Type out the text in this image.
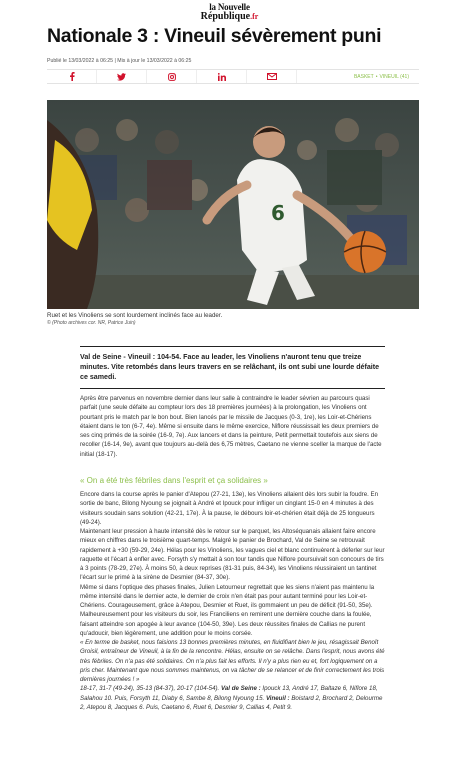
la Nouvelle
République.fr
Nationale 3 : Vineuil sévèrement puni
Publié le 13/03/2022 à 06:25 | Mis à jour le 13/03/2022 à 06:25
BASKET • VINEUIL (41)
6
Ruet et les Vinoliens se sont lourdement inclinés face au leader.
© (Photo archives cor. NR, Patrice Juin)
Val de Seine - Vineuil : 104-54. Face au leader, les Vinoliens n'auront tenu que treize minutes. Vite retombés dans leurs travers en se relâchant, ils ont subi une lourde défaite ce samedi.
Après être parvenus en novembre dernier dans leur salle à contraindre le leader sévrien au parcours quasi parfait (une seule défaite au compteur lors des 18 premières journées) à la prolongation, les Vinoliens ont pourtant pris le match par le bon bout. Bien lancés par le missile de Jacques (0-3, 1re), les Loir-et-Chériens étaient dans le ton (6-7, 4e). Même si ensuite dans le même exercice, Niflore réussissait les deux premiers de ses cinq primés de la soirée (16-9, 7e). Aux lancers et dans la peinture, Petit permettait toutefois aux siens de recoller (16-14, 9e), avant que toujours au-delà des 6,75 mètres, Caetano ne vienne sceller la marque de l'acte initial (18-17).
« On a été très fébriles dans l'esprit et ça solidaires »

Encore dans la course après le panier d'Atepou (27-21, 13e), les Vinoliens allaient dès lors subir la foudre. En sortie de banc, Bilong Nyoung se joignait à André et Ipouck pour infliger un cinglant 15-0 en 4 minutes à des visiteurs soudain sans solution (42-21, 17e). À la pause, le débours loir-et-chérien était déjà de 25 longueurs (49-24).

Maintenant leur pression à haute intensité dès le retour sur le parquet, les Altoséquanais allaient faire encore mieux en chiffres dans le troisième quart-temps. Malgré le panier de Brochard, Val de Seine se retrouvait rapidement à +30 (59-29, 24e). Hélas pour les Vinoliens, les vagues ciel et blanc continuèrent à déferler sur leur raquette et l'écart à enfler avec. Forsyth s'y mettait à son tour tandis que Niflore poursuivait son concours de tirs à 3 points (78-29, 27e). À moins 50, à deux reprises (81-31 puis, 84-34), les Vinoliens réussiraient un tantinet l'écart sur le primé à la sirène de Desmier (84-37, 30e).

Même si dans l'optique des phases finales, Julien Letourneur regrettait que les siens n'aient pas maintenu la même intensité dans le dernier acte, le dernier de croix n'en était pas pour autant terminé pour les Loir-et-Chériens. Courageusement, grâce à Atepou, Desmier et Ruet, ils gommaient un peu de déficit (91-50, 35e). Malheureusement pour les visiteurs du soir, les Franciliens en remirent une dernière couche dans la foulée, faisant atteindre son apogée à leur avance (104-50, 39e). Les deux réussites finales de Callias ne purent qu'adoucir, bien légèrement, une addition pour le moins corsée.

« En terme de basket, nous faisions 13 bonnes premières minutes, en fluidifiant bien le jeu, résagissait Benoît Groisil, entraîneur de Vineuil, à la fin de la rencontre. Hélas, ensuite on se relâche. Dans l'esprit, nous avons été très fébriles. On n'a pas été solidaires. On n'a plus fait les efforts. Il n'y a plus rien eu et, fort logiquement on a pris cher. Maintenant que nous sommes maintenus, on va tâcher de se relancer et de finir correctement les trois dernières journées ! »

18-17, 31-7 (49-24), 35-13 (84-37), 20-17 (104-54). Val de Seine : Ipouck 13, André 17, Baltaze 6, Niflore 18, Salahou 10. Puis, Forsyth 11, Diaby 6, Sambe 8, Bilong Nyoung 15. Vineuil : Boistard 2, Brochard 2, Delourme 2, Atepou 8, Jacques 6. Puis, Caetano 6, Ruet 6, Desmier 9, Callias 4, Petit 9.
